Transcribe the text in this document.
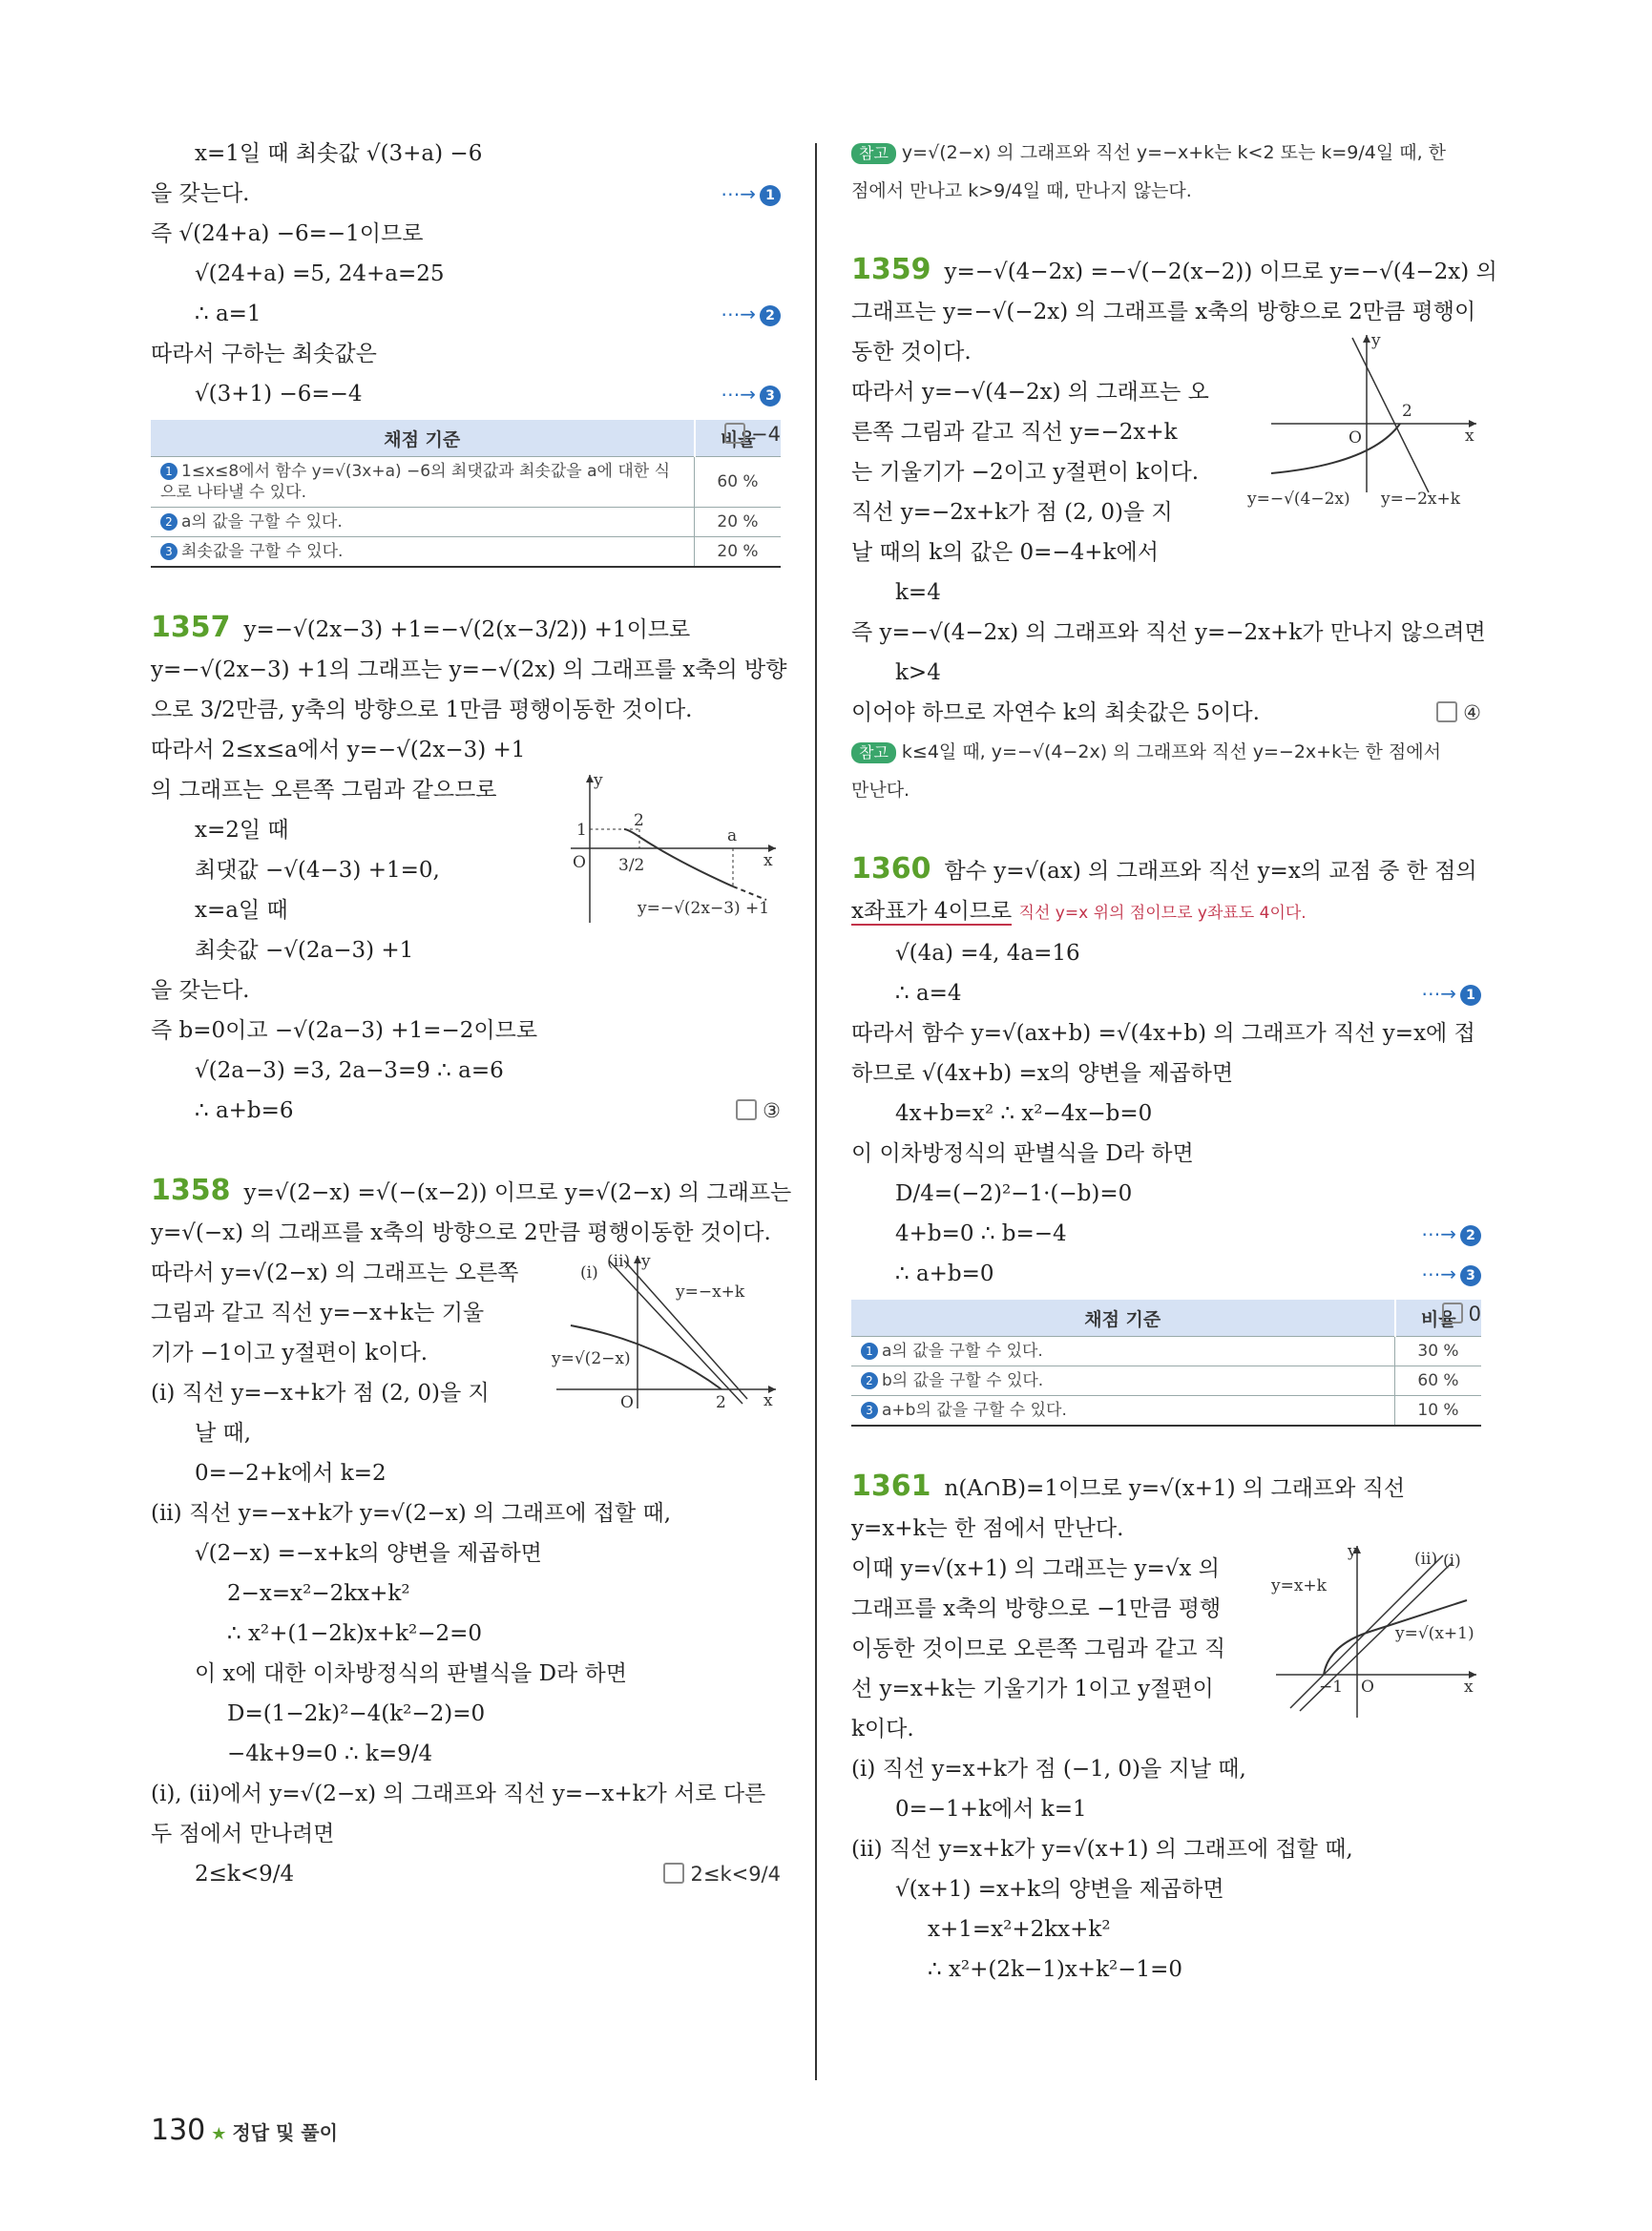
x=1일 때 최솟값 √(3+a) −6
을 갖는다.	⋯→ 1
즉 √(24+a) −6=−1이므로
√(24+a) =5, 24+a=25
∴ a=1	⋯→ 2
따라서 구하는 최솟값은
√(3+1) −6=−4	⋯→ 3
−4
채점 기준	비율
1 1≤x≤8에서 함수 y=√(3x+a) −6의 최댓값과 최솟값을 a에 대한 식으로 나타낼 수 있다.	60 %
2 a의 값을 구할 수 있다.	20 %
3 최솟값을 구할 수 있다.	20 %
1357 y=−√(2x−3) +1=−√(2(x−3/2)) +1이므로
y=−√(2x−3) +1의 그래프는 y=−√(2x) 의 그래프를 x축의 방향
으로 3/2만큼, y축의 방향으로 1만큼 평행이동한 것이다.
따라서 2≤x≤a에서 y=−√(2x−3) +1
의 그래프는 오른쪽 그림과 같으므로
x=2일 때
최댓값 −√(4−3) +1=0,
x=a일 때
최솟값 −√(2a−3) +1
을 갖는다.
즉 b=0이고 −√(2a−3) +1=−2이므로
√(2a−3) =3, 2a−3=9 ∴ a=6
∴ a+b=6	③
y
x
O
1	2
a
3/2
y=−√(2x−3) +1
1358 y=√(2−x) =√(−(x−2)) 이므로 y=√(2−x) 의 그래프는
y=√(−x) 의 그래프를 x축의 방향으로 2만큼 평행이동한 것이다.
따라서 y=√(2−x) 의 그래프는 오른쪽
그림과 같고 직선 y=−x+k는 기울
기가 −1이고 y절편이 k이다.
(ⅰ) 직선 y=−x+k가 점 (2, 0)을 지
날 때,
0=−2+k에서 k=2
(ⅱ) 직선 y=−x+k가 y=√(2−x) 의 그래프에 접할 때,
√(2−x) =−x+k의 양변을 제곱하면
2−x=x²−2kx+k²
∴ x²+(1−2k)x+k²−2=0
이 x에 대한 이차방정식의 판별식을 D라 하면
D=(1−2k)²−4(k²−2)=0
−4k+9=0 ∴ k=9/4
(ⅰ), (ⅱ)에서 y=√(2−x) 의 그래프와 직선 y=−x+k가 서로 다른
두 점에서 만나려면
2≤k<9/4	2≤k<9/4
y
x
O	2
(ⅰ)
(ⅱ)
y=−x+k
y=√(2−x)
참고 y=√(2−x) 의 그래프와 직선 y=−x+k는 k<2 또는 k=9/4일 때, 한
점에서 만나고 k>9/4일 때, 만나지 않는다.
1359 y=−√(4−2x) =−√(−2(x−2)) 이므로 y=−√(4−2x) 의
그래프는 y=−√(−2x) 의 그래프를 x축의 방향으로 2만큼 평행이
동한 것이다.
따라서 y=−√(4−2x) 의 그래프는 오
른쪽 그림과 같고 직선 y=−2x+k
는 기울기가 −2이고 y절편이 k이다.
직선 y=−2x+k가 점 (2, 0)을 지
날 때의 k의 값은 0=−4+k에서
k=4
즉 y=−√(4−2x) 의 그래프와 직선 y=−2x+k가 만나지 않으려면
k>4
이어야 하므로 자연수 k의 최솟값은 5이다.	④
참고 k≤4일 때, y=−√(4−2x) 의 그래프와 직선 y=−2x+k는 한 점에서
만난다.
y
x
O
2
y=−√(4−2x) y=−2x+k
1360 함수 y=√(ax) 의 그래프와 직선 y=x의 교점 중 한 점의
x좌표가 4이므로 직선 y=x 위의 점이므로 y좌표도 4이다.
√(4a) =4, 4a=16
∴ a=4	⋯→ 1
따라서 함수 y=√(ax+b) =√(4x+b) 의 그래프가 직선 y=x에 접
하므로 √(4x+b) =x의 양변을 제곱하면
4x+b=x² ∴ x²−4x−b=0
이 이차방정식의 판별식을 D라 하면
D/4=(−2)²−1·(−b)=0
4+b=0 ∴ b=−4	⋯→ 2
∴ a+b=0	⋯→ 3
0
채점 기준	비율
1 a의 값을 구할 수 있다.	30 %
2 b의 값을 구할 수 있다.	60 %
3 a+b의 값을 구할 수 있다.	10 %
1361 n(A∩B)=1이므로 y=√(x+1) 의 그래프와 직선
y=x+k는 한 점에서 만난다.
이때 y=√(x+1) 의 그래프는 y=√x 의
그래프를 x축의 방향으로 −1만큼 평행
이동한 것이므로 오른쪽 그림과 같고 직
선 y=x+k는 기울기가 1이고 y절편이
k이다.
(ⅰ) 직선 y=x+k가 점 (−1, 0)을 지날 때,
0=−1+k에서 k=1
(ⅱ) 직선 y=x+k가 y=√(x+1) 의 그래프에 접할 때,
√(x+1) =x+k의 양변을 제곱하면
x+1=x²+2kx+k²
∴ x²+(2k−1)x+k²−1=0
y
x
O
−1
(ⅰ)
(ⅱ)
y=x+k
y=√(x+1)
130 ★ 정답 및 풀이
